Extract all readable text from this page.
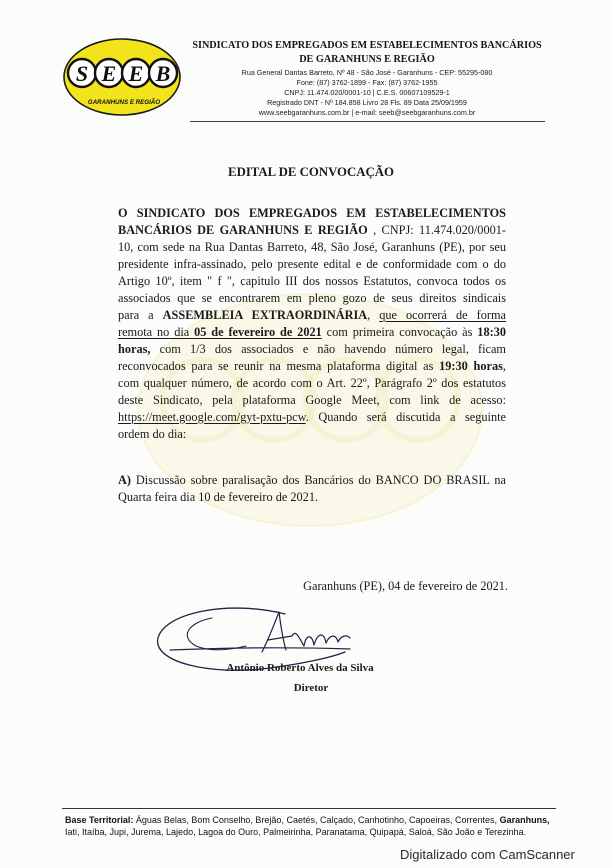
S E E B
GARANHUNS E REGIÃO
SINDICATO DOS EMPREGADOS EM ESTABELECIMENTOS BANCÁRIOS
DE GARANHUNS E REGIÃO
Rua General Dantas Barreto, Nº 48 - São José - Garanhuns - CEP: 55295-080
Fone: (87) 3762-1899 - Fax: (87) 3762-1955
CNPJ: 11.474.020/0001-10 | C.E.S. 00607109529-1
Registrado DNT - Nº 184.858 Livro 28 Fls. 89 Data 25/09/1959
www.seebgaranhuns.com.br | e-mail: seeb@seebgaranhuns.com.br
EDITAL DE CONVOCAÇÃO
O SINDICATO DOS EMPREGADOS EM ESTABELECIMENTOS
BANCÁRIOS DE GARANHUNS E REGIÃO , CNPJ: 11.474.020/0001-
10, com sede na Rua Dantas Barreto, 48, São José, Garanhuns (PE), por seu
presidente infra-assinado, pelo presente edital e de conformidade com o do
Artigo 10º, item " f ", capitulo III dos nossos Estatutos, convoca todos os
associados que se encontrarem em pleno gozo de seus direitos sindicais
para a ASSEMBLEIA EXTRAORDINÁRIA, que ocorrerá de forma
remota no dia 05 de fevereiro de 2021 com primeira convocação às 18:30
horas, com 1/3 dos associados e não havendo número legal, ficam
reconvocados para se reunir na mesma plataforma digital as 19:30 horas,
com qualquer número, de acordo com o Art. 22º, Parágrafo 2º dos estatutos
deste Sindicato, pela plataforma Google Meet, com link de acesso:
https://meet.google.com/gyt-pxtu-pcw. Quando será discutida a seguinte
ordem do dia:
A) Discussão sobre paralisação dos Bancários do BANCO DO BRASIL na
Quarta feira dia 10 de fevereiro de 2021.
Garanhuns (PE), 04 de fevereiro de 2021.
Antônio Roberto Alves da Silva
Diretor
Base Territorial: Águas Belas, Bom Conselho, Brejão, Caetés, Calçado, Canhotinho, Capoeiras, Correntes, Garanhuns,
Iati, Itaíba, Jupi, Jurema, Lajedo, Lagoa do Ouro, Palmeirinha, Paranatama, Quipapá, Saloá, São João e Terezinha.
Digitalizado com CamScanner
